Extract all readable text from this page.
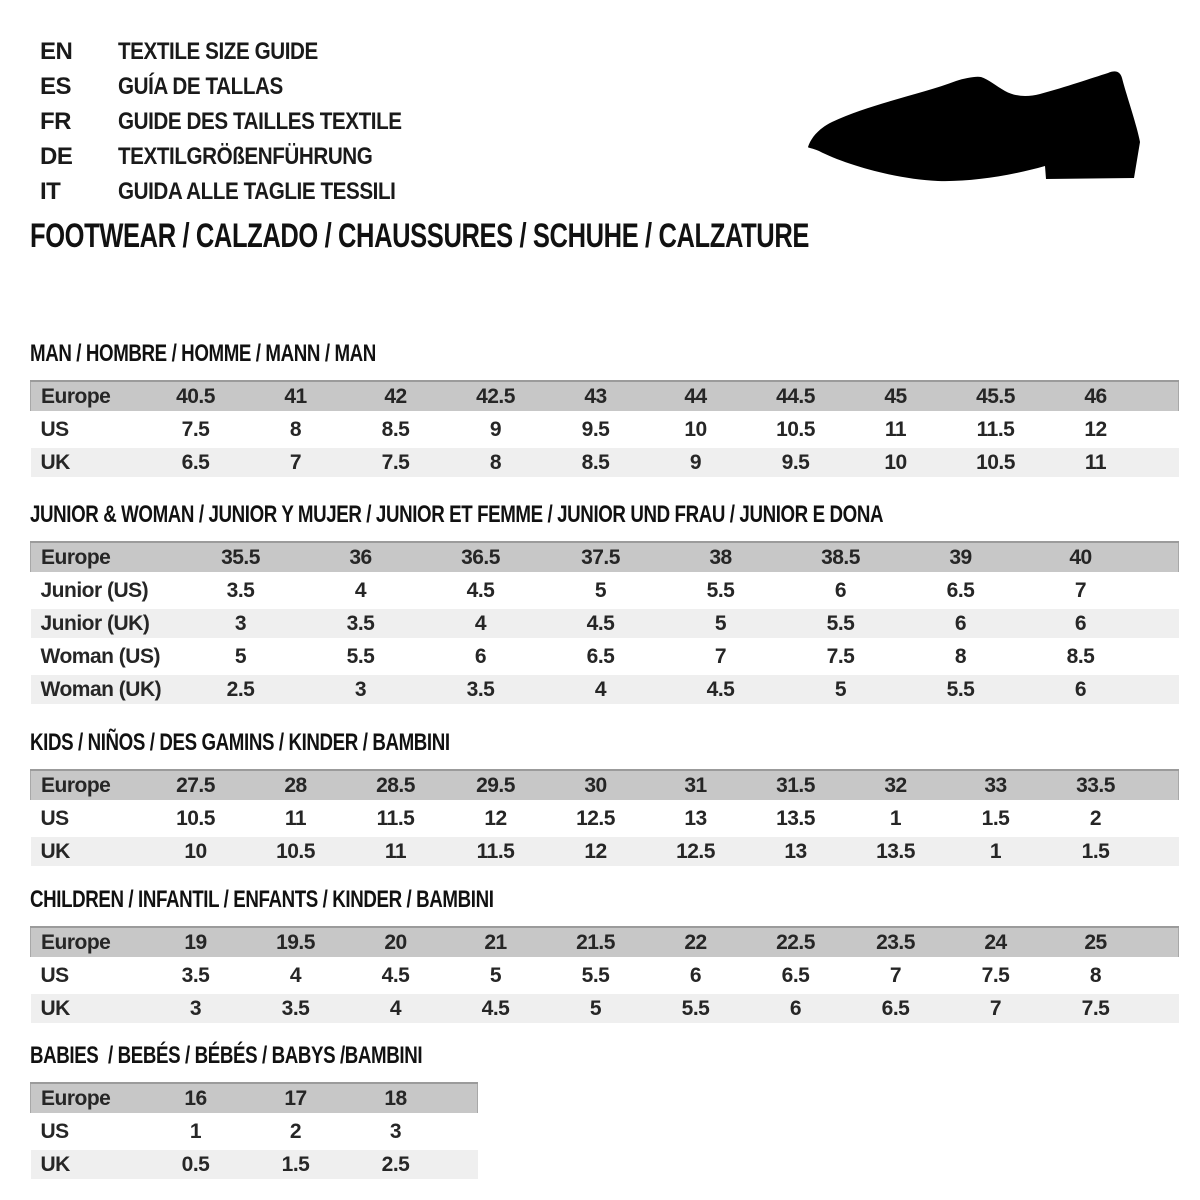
EN	TEXTILE SIZE GUIDE
ES	GUÍA DE TALLAS
FR	GUIDE DES TAILLES TEXTILE
DE	TEXTILGRÖßENFÜHRUNG
IT	GUIDA ALLE TAGLIE TESSILI
FOOTWEAR / CALZADO / CHAUSSURES / SCHUHE / CALZATURE
MAN / HOMBRE / HOMME / MANN / MAN
Europe	40.5	41	42	42.5	43	44	44.5	45	45.5	46	
US	7.5	8	8.5	9	9.5	10	10.5	11	11.5	12	
UK	6.5	7	7.5	8	8.5	9	9.5	10	10.5	11	
JUNIOR & WOMAN / JUNIOR Y MUJER / JUNIOR ET FEMME / JUNIOR UND FRAU / JUNIOR E DONA
Europe	35.5	36	36.5	37.5	38	38.5	39	40	
Junior (US)	3.5	4	4.5	5	5.5	6	6.5	7	
Junior (UK)	3	3.5	4	4.5	5	5.5	6	6	
Woman (US)	5	5.5	6	6.5	7	7.5	8	8.5	
Woman (UK)	2.5	3	3.5	4	4.5	5	5.5	6	
KIDS / NIÑOS / DES GAMINS / KINDER / BAMBINI
Europe	27.5	28	28.5	29.5	30	31	31.5	32	33	33.5	
US	10.5	11	11.5	12	12.5	13	13.5	1	1.5	2	
UK	10	10.5	11	11.5	12	12.5	13	13.5	1	1.5	
CHILDREN / INFANTIL / ENFANTS / KINDER / BAMBINI
Europe	19	19.5	20	21	21.5	22	22.5	23.5	24	25	
US	3.5	4	4.5	5	5.5	6	6.5	7	7.5	8	
UK	3	3.5	4	4.5	5	5.5	6	6.5	7	7.5	
BABIES  / BEBÉS / BÉBÉS / BABYS /BAMBINI
Europe	16	17	18	
US	1	2	3	
UK	0.5	1.5	2.5	
